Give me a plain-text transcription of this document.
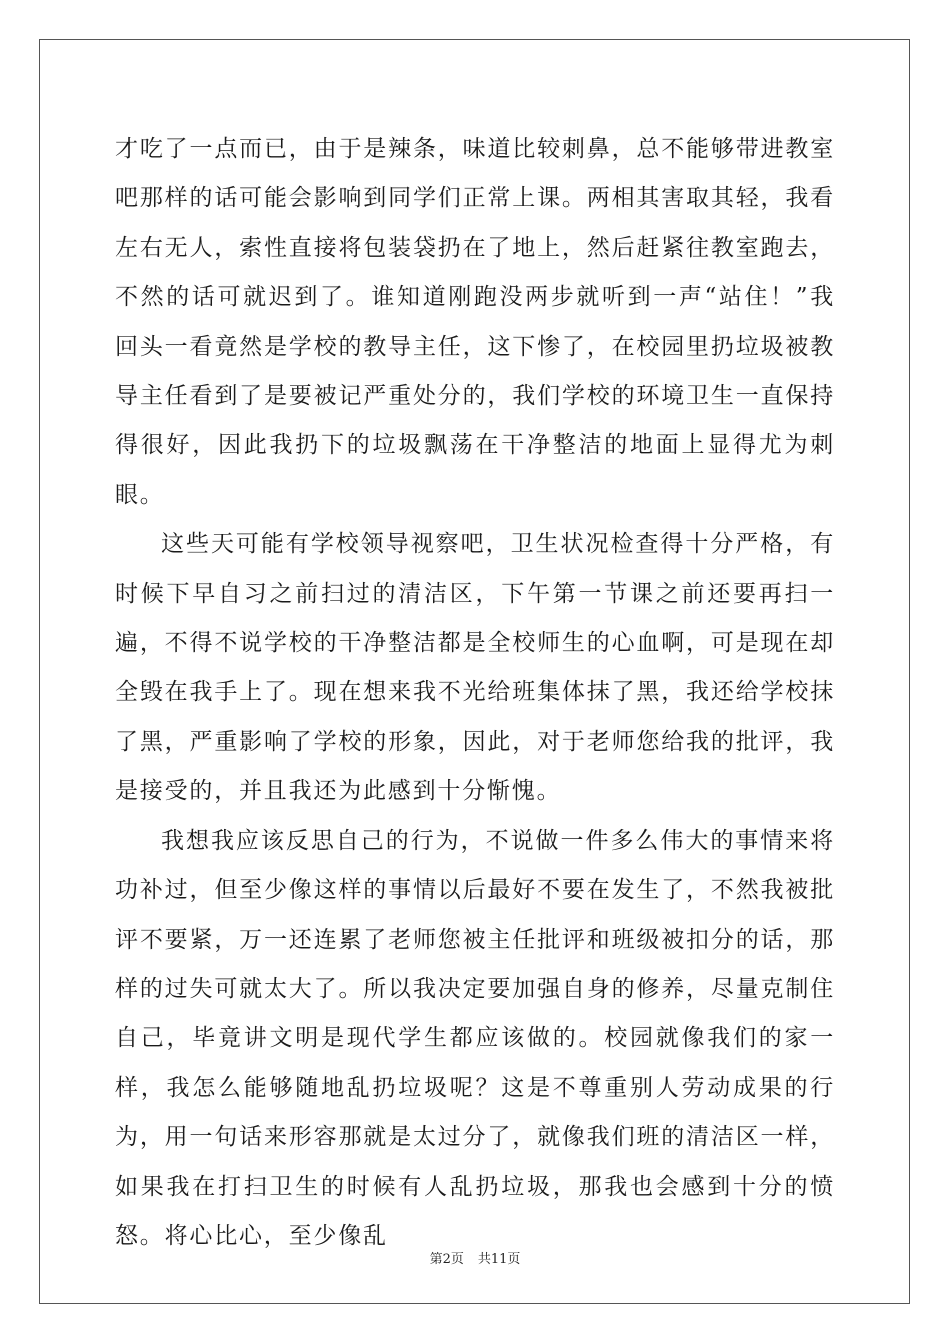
才吃了一点而已，由于是辣条，味道比较刺鼻，总不能够带进教室吧那样的话可能会影响到同学们正常上课。两相其害取其轻，我看左右无人，索性直接将包装袋扔在了地上，然后赶紧往教室跑去，不然的话可就迟到了。谁知道刚跑没两步就听到一声“站住！”我回头一看竟然是学校的教导主任，这下惨了，在校园里扔垃圾被教导主任看到了是要被记严重处分的，我们学校的环境卫生一直保持得很好，因此我扔下的垃圾飘荡在干净整洁的地面上显得尤为刺眼。

这些天可能有学校领导视察吧，卫生状况检查得十分严格，有时候下早自习之前扫过的清洁区，下午第一节课之前还要再扫一遍，不得不说学校的干净整洁都是全校师生的心血啊，可是现在却全毁在我手上了。现在想来我不光给班集体抹了黑，我还给学校抹了黑，严重影响了学校的形象，因此，对于老师您给我的批评，我是接受的，并且我还为此感到十分惭愧。

我想我应该反思自己的行为，不说做一件多么伟大的事情来将功补过，但至少像这样的事情以后最好不要在发生了，不然我被批评不要紧，万一还连累了老师您被主任批评和班级被扣分的话，那样的过失可就太大了。所以我决定要加强自身的修养，尽量克制住自己，毕竟讲文明是现代学生都应该做的。校园就像我们的家一样，我怎么能够随地乱扔垃圾呢？这是不尊重别人劳动成果的行为，用一句话来形容那就是太过分了，就像我们班的清洁区一样，如果我在打扫卫生的时候有人乱扔垃圾，那我也会感到十分的愤怒。将心比心，至少像乱

第2页 共11页
